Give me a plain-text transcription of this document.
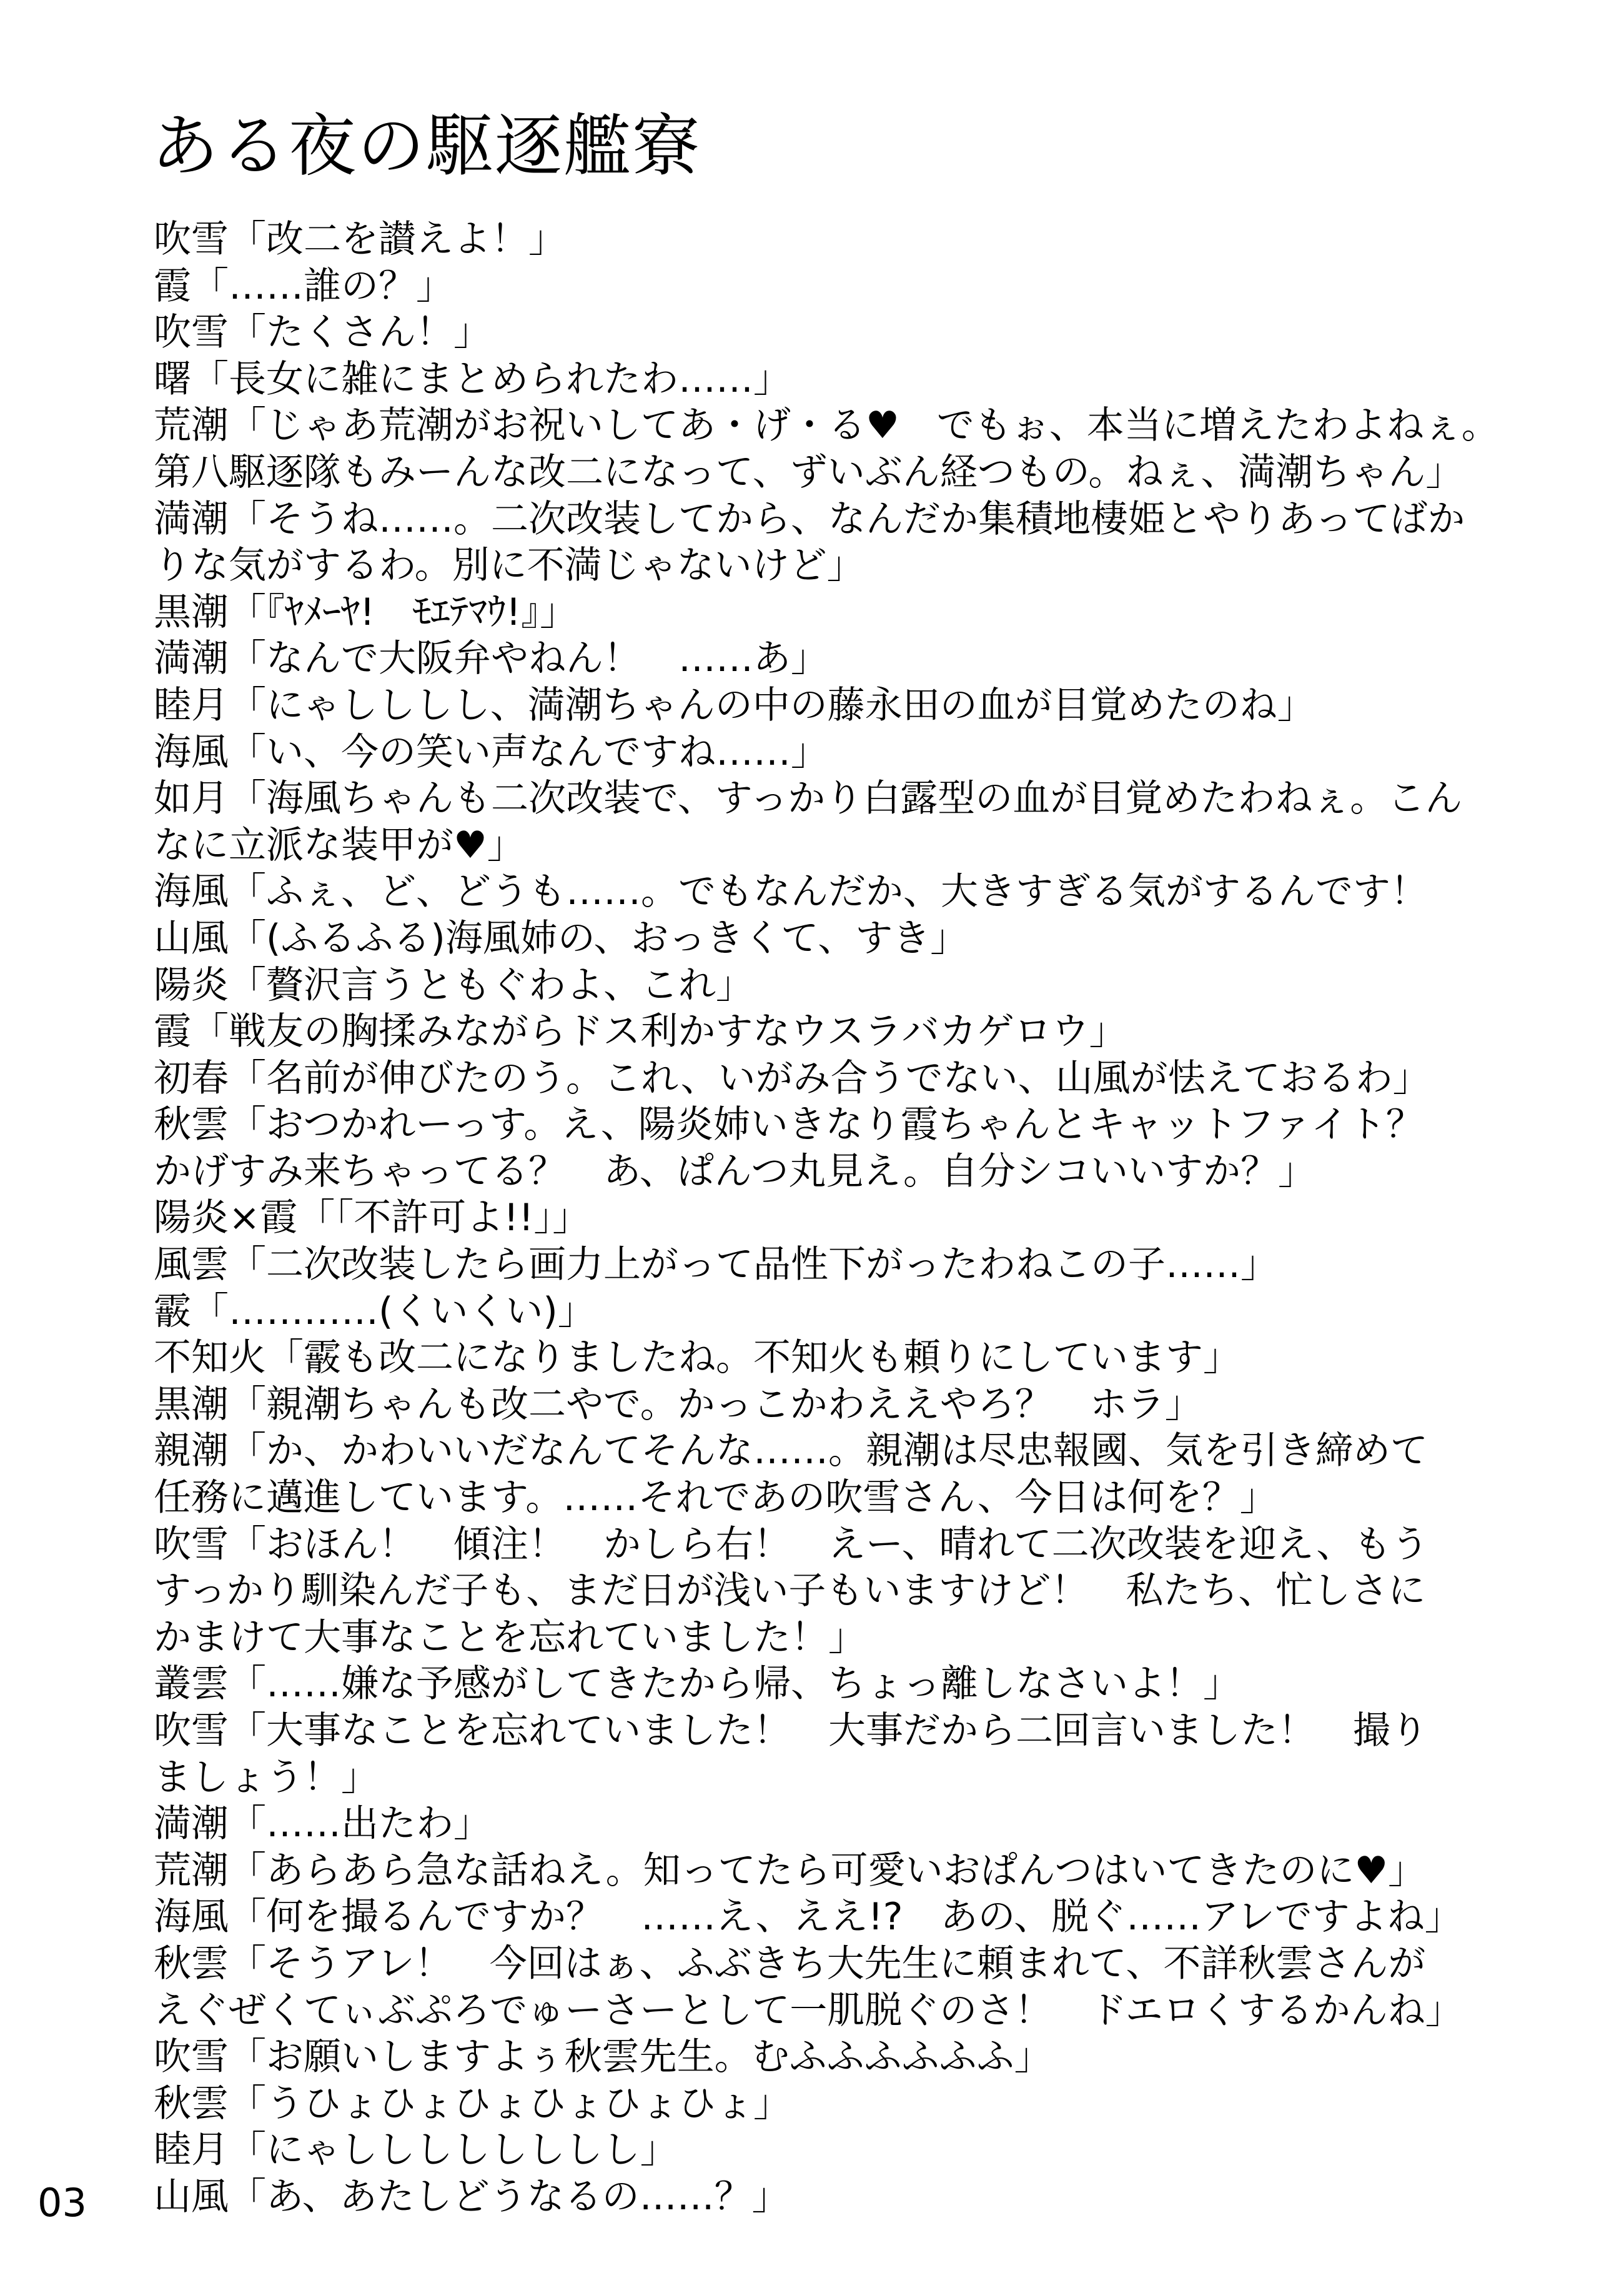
ある夜の駆逐艦寮
吹雪「改二を讃えよ！」
霞「……誰の？」
吹雪「たくさん！」
曙「長女に雑にまとめられたわ……」
荒潮「じゃあ荒潮がお祝いしてあ・げ・る♥　でもぉ、本当に増えたわよねぇ。
第八駆逐隊もみーんな改二になって、ずいぶん経つもの。ねぇ、満潮ちゃん」
満潮「そうね……。二次改装してから、なんだか集積地棲姫とやりあってばか
りな気がするわ。別に不満じゃないけど」
黒潮「『ﾔﾒｰﾔ!　ﾓｴﾃﾏｳ!』」
満潮「なんで大阪弁やねん！　……あ」
睦月「にゃしししし、満潮ちゃんの中の藤永田の血が目覚めたのね」
海風「い、今の笑い声なんですね……」
如月「海風ちゃんも二次改装で、すっかり白露型の血が目覚めたわねぇ。こん
なに立派な装甲が♥」
海風「ふぇ、ど、どうも……。でもなんだか、大きすぎる気がするんです！
山風「(ふるふる)海風姉の、おっきくて、すき」
陽炎「贅沢言うともぐわよ、これ」
霞「戦友の胸揉みながらドス利かすなウスラバカゲロウ」
初春「名前が伸びたのう。これ、いがみ合うでない、山風が怯えておるわ」
秋雲「おつかれーっす。え、陽炎姉いきなり霞ちゃんとキャットファイト？
かげすみ来ちゃってる？　あ、ぱんつ丸見え。自分シコいいすか？」
陽炎×霞「「不許可よ!!」」
風雲「二次改装したら画力上がって品性下がったわねこの子……」
霰「…………(くいくい)」
不知火「霰も改二になりましたね。不知火も頼りにしています」
黒潮「親潮ちゃんも改二やで。かっこかわええやろ？　ホラ」
親潮「か、かわいいだなんてそんな……。親潮は尽忠報國、気を引き締めて
任務に邁進しています。……それであの吹雪さん、今日は何を？」
吹雪「おほん！　傾注！　かしら右！　えー、晴れて二次改装を迎え、もう
すっかり馴染んだ子も、まだ日が浅い子もいますけど！　私たち、忙しさに
かまけて大事なことを忘れていました！」
叢雲「……嫌な予感がしてきたから帰、ちょっ離しなさいよ！」
吹雪「大事なことを忘れていました！　大事だから二回言いました！　撮り
ましょう！」
満潮「……出たわ」
荒潮「あらあら急な話ねえ。知ってたら可愛いおぱんつはいてきたのに♥」
海風「何を撮るんですか？　……え、ええ!?　あの、脱ぐ……アレですよね」
秋雲「そうアレ！　今回はぁ、ふぶきち大先生に頼まれて、不詳秋雲さんが
えぐぜくてぃぶぷろでゅーさーとして一肌脱ぐのさ！　ドエロくするかんね」
吹雪「お願いしますよぅ秋雲先生。むふふふふふふ」
秋雲「うひょひょひょひょひょひょ」
睦月「にゃしししししししし」
山風「あ、あたしどうなるの……？」
03
